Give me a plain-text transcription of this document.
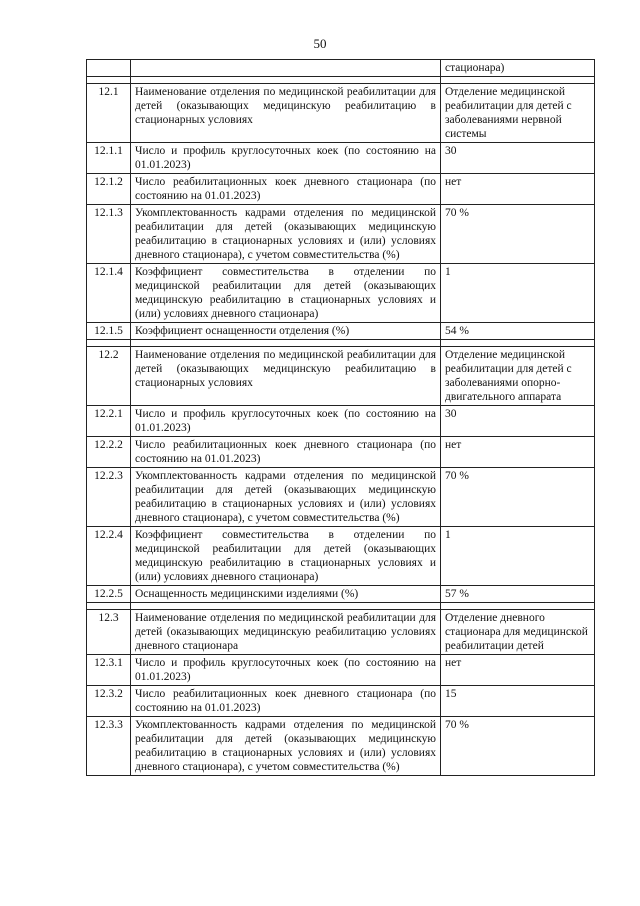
50
		стационара)

12.1	Наименование отделения по медицинской реабилитации для детей (оказывающих медицинскую реабилитацию в стационарных условиях	Отделение медицинской реабилитации для детей с заболеваниями нервной системы
12.1.1	Число и профиль круглосуточных коек (по состоянию на 01.01.2023)	30
12.1.2	Число реабилитационных коек дневного стационара (по состоянию на 01.01.2023)	нет
12.1.3	Укомплектованность кадрами отделения по медицинской реабилитации для детей (оказывающих медицинскую реабилитацию в стационарных условиях и (или) условиях дневного стационара), с учетом совместительства (%)	70 %
12.1.4	Коэффициент совместительства в отделении по медицинской реабилитации для детей (оказывающих медицинскую реабилитацию в стационарных условиях и (или) условиях дневного стационара)	1
12.1.5	Коэффициент оснащенности отделения (%)	54 %

12.2	Наименование отделения по медицинской реабилитации для детей (оказывающих медицинскую реабилитацию в стационарных условиях	Отделение медицинской реабилитации для детей с заболеваниями опорно-двигательного аппарата
12.2.1	Число и профиль круглосуточных коек (по состоянию на 01.01.2023)	30
12.2.2	Число реабилитационных коек дневного стационара (по состоянию на 01.01.2023)	нет
12.2.3	Укомплектованность кадрами отделения по медицинской реабилитации для детей (оказывающих медицинскую реабилитацию в стационарных условиях и (или) условиях дневного стационара), с учетом совместительства (%)	70 %
12.2.4	Коэффициент совместительства в отделении по медицинской реабилитации для детей (оказывающих медицинскую реабилитацию в стационарных условиях и (или) условиях дневного стационара)	1
12.2.5	Оснащенность медицинскими изделиями (%)	57 %

12.3	Наименование отделения по медицинской реабилитации для детей (оказывающих медицинскую реабилитацию условиях дневного стационара	Отделение дневного стационара для медицинской реабилитации детей
12.3.1	Число и профиль круглосуточных коек (по состоянию на 01.01.2023)	нет
12.3.2	Число реабилитационных коек дневного стационара (по состоянию на 01.01.2023)	15
12.3.3	Укомплектованность кадрами отделения по медицинской реабилитации для детей (оказывающих медицинскую реабилитацию в стационарных условиях и (или) условиях дневного стационара), с учетом совместительства (%)	70 %
